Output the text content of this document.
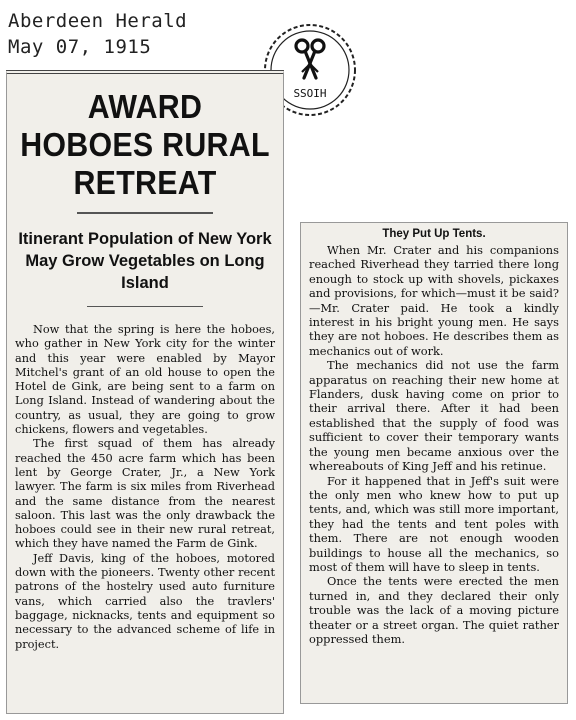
Aberdeen Herald
May 07, 1915
SSOIH
AWARD HOBOES RURAL RETREAT
Itinerant Population of New York May Grow Vegetables on Long Island

Now that the spring is here the hoboes, who gather in New York city for the winter and this year were enabled by Mayor Mitchel's grant of an old house to open the Hotel de Gink, are being sent to a farm on Long Island. Instead of wandering about the country, as usual, they are going to grow chickens, flowers and vegetables.

The first squad of them has already reached the 450 acre farm which has been lent by George Crater, Jr., a New York lawyer. The farm is six miles from Riverhead and the same distance from the nearest saloon. This last was the only drawback the hoboes could see in their new rural retreat, which they have named the Farm de Gink.

Jeff Davis, king of the hoboes, motored down with the pioneers. Twenty other recent patrons of the hostelry used auto furniture vans, which carried also the travlers' baggage, nicknacks, tents and equipment so necessary to the advanced scheme of life in project.

They Put Up Tents.

When Mr. Crater and his companions reached Riverhead they tarried there long enough to stock up with shovels, pickaxes and provisions, for which—must it be said?—Mr. Crater paid. He took a kindly interest in his bright young men. He says they are not hoboes. He describes them as mechanics out of work.

The mechanics did not use the farm apparatus on reaching their new home at Flanders, dusk having come on prior to their arrival there. After it had been established that the supply of food was sufficient to cover their temporary wants the young men became anxious over the whereabouts of King Jeff and his retinue.

For it happened that in Jeff's suit were the only men who knew how to put up tents, and, which was still more important, they had the tents and tent poles with them. There are not enough wooden buildings to house all the mechanics, so most of them will have to sleep in tents.

Once the tents were erected the men turned in, and they declared their only trouble was the lack of a moving picture theater or a street organ. The quiet rather oppressed them.
